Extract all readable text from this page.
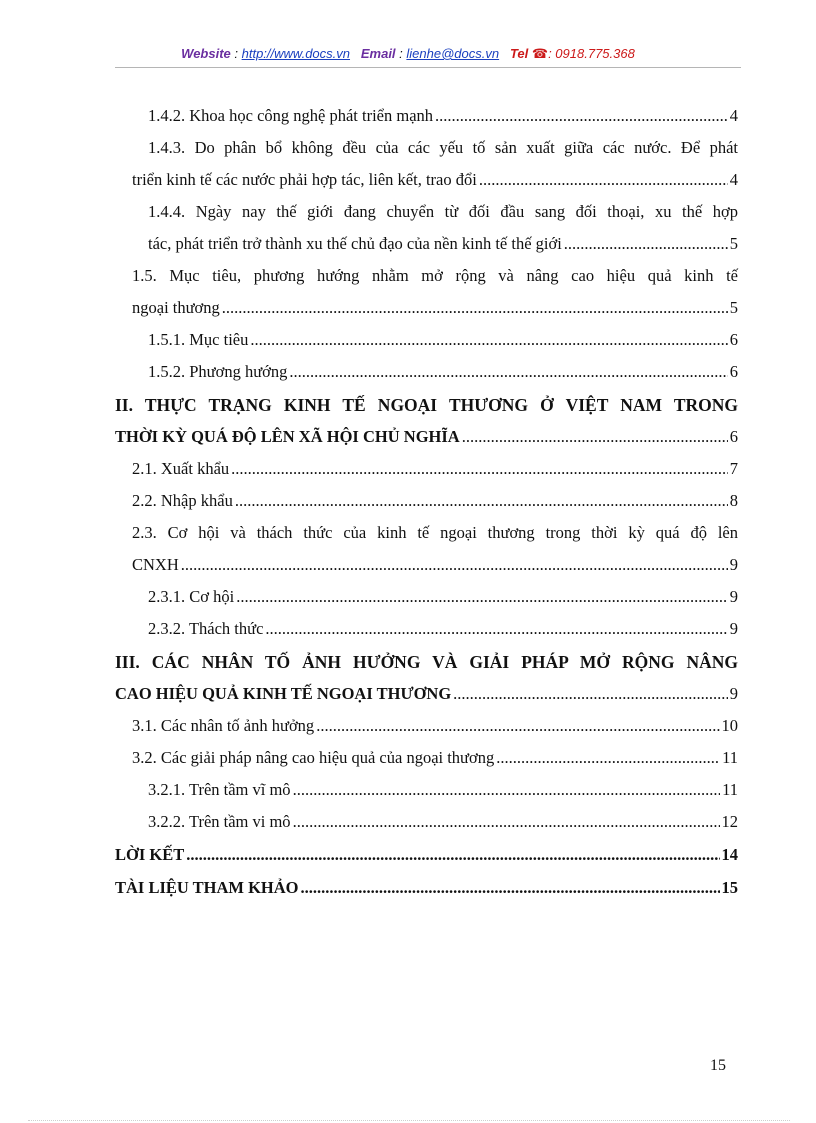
Website : http://www.docs.vn Email : lienhe@docs.vn Tel ☎: 0918.775.368
1.4.2. Khoa học công nghệ phát triển mạnh .....	4
1.4.3. Do phân bổ không đều của các yếu tố sản xuất giữa các nước. Để phát
triển kinh tế các nước phải hợp tác, liên kết, trao đổi .....	4
1.4.4. Ngày nay thế giới đang chuyển từ đối đầu sang đối thoại, xu thế hợp
tác, phát triển trở thành xu thế chủ đạo của nền kinh tế thế giới .....	5
1.5. Mục tiêu, phương hướng nhằm mở rộng và nâng cao hiệu quả kinh tế
ngoại thương .....	5
1.5.1. Mục tiêu .....	6
1.5.2. Phương hướng .....	6
II. THỰC TRẠNG KINH TẾ NGOẠI THƯƠNG Ở VIỆT NAM TRONG
THỜI KỲ QUÁ ĐỘ LÊN XÃ HỘI CHỦ NGHĨA .....	6
2.1. Xuất khẩu .....	7
2.2. Nhập khẩu .....	8
2.3. Cơ hội và thách thức của kinh tế ngoại thương trong thời kỳ quá độ lên
CNXH .....	9
2.3.1. Cơ hội .....	9
2.3.2. Thách thức .....	9
III. CÁC NHÂN TỐ ẢNH HƯỞNG VÀ GIẢI PHÁP MỞ RỘNG NÂNG
CAO HIỆU QUẢ KINH TẾ NGOẠI THƯƠNG .....	9
3.1. Các nhân tố ảnh hưởng .....	10
3.2. Các giải pháp nâng cao hiệu quả của ngoại thương .....	11
3.2.1. Trên tầm vĩ mô .....	11
3.2.2. Trên tầm vi mô .....	12
LỜI KẾT .....	14
TÀI LIỆU THAM KHẢO .....	15
15
